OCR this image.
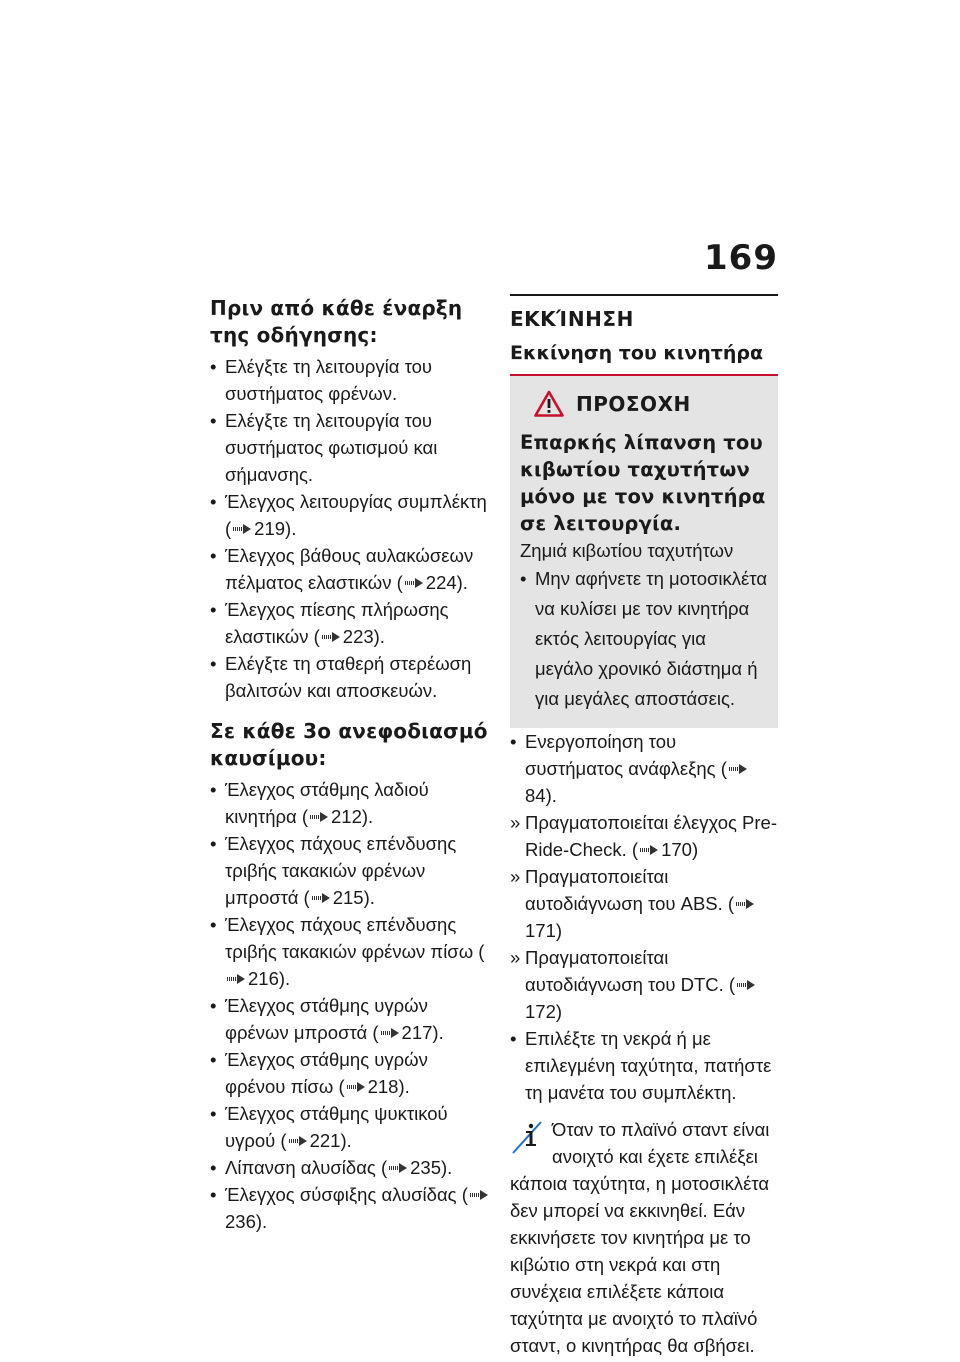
169
Πριν από κάθε έναρξη της οδήγησης:
• Ελέγξτε τη λειτουργία του συστήματος φρένων.
• Ελέγξτε τη λειτουργία του συστήματος φωτισμού και σήμανσης.
• Έλεγχος λειτουργίας συμπλέκτη ( 219).
• Έλεγχος βάθους αυλακώσεων πέλματος ελαστικών ( 224).
• Έλεγχος πίεσης πλήρωσης ελαστικών ( 223).
• Ελέγξτε τη σταθερή στερέωση βαλιτσών και αποσκευών.
Σε κάθε 3ο ανεφοδιασμό καυσίμου:
• Έλεγχος στάθμης λαδιού κινητήρα ( 212).
• Έλεγχος πάχους επένδυσης τριβής τακακιών φρένων μπροστά ( 215).
• Έλεγχος πάχους επένδυσης τριβής τακακιών φρένων πίσω (216).
• Έλεγχος στάθμης υγρών φρένων μπροστά ( 217).
• Έλεγχος στάθμης υγρών φρένου πίσω ( 218).
• Έλεγχος στάθμης ψυκτικού υγρού ( 221).
• Λίπανση αλυσίδας ( 235).
• Έλεγχος σύσφιξης αλυσίδας (236).
ΕΚΚΊΝΗΣΗ
Εκκίνηση του κινητήρα
ΠΡΟΣΟΧΗ
Επαρκής λίπανση του κιβωτίου ταχυτήτων μόνο με τον κινητήρα σε λειτουργία.
Ζημιά κιβωτίου ταχυτήτων
• Μην αφήνετε τη μοτοσικλέτα να κυλίσει με τον κινητήρα εκτός λειτουργίας για μεγάλο χρονικό διάστημα ή για μεγάλες αποστάσεις.
• Ενεργοποίηση του συστήματος ανάφλεξης (84).
» Πραγματοποιείται έλεγχος Pre-Ride-Check. ( 170)
» Πραγματοποιείται αυτοδιάγνωση του ABS. (171)
» Πραγματοποιείται αυτοδιάγνωση του DTC. (172)
• Επιλέξτε τη νεκρά ή με επιλεγμένη ταχύτητα, πατήστε τη μανέτα του συμπλέκτη.
Όταν το πλαϊνό σταντ είναι ανοιχτό και έχετε επιλέξει κάποια ταχύτητα, η μοτοσικλέτα δεν μπορεί να εκκινηθεί. Εάν εκκινήσετε τον κινητήρα με το κιβώτιο στη νεκρά και στη συνέχεια επιλέξετε κάποια ταχύτητα με ανοιχτό το πλαϊνό σταντ, ο κινητήρας θα σβήσει.
